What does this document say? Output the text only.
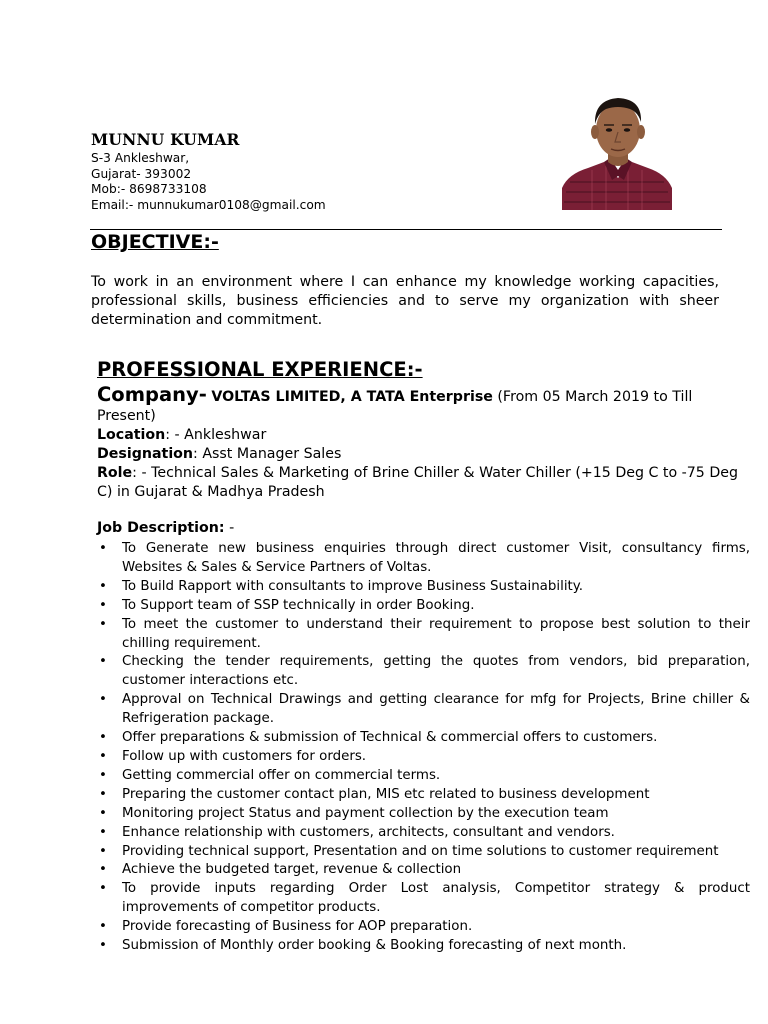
MUNNU KUMAR
S-3 Ankleshwar,
Gujarat- 393002
Mob:- 8698733108
Email:- munnukumar0108@gmail.com
OBJECTIVE:-
To work in an environment where I can enhance my knowledge working capacities, professional skills, business efficiencies and to serve my organization with sheer determination and commitment.
PROFESSIONAL EXPERIENCE:-
Company- VOLTAS LIMITED, A TATA Enterprise (From 05 March 2019 to Till Present)
Location: - Ankleshwar
Designation: Asst Manager Sales
Role: - Technical Sales & Marketing of Brine Chiller & Water Chiller (+15 Deg C to -75 Deg C) in Gujarat & Madhya Pradesh
Job Description: -
• To Generate new business enquiries through direct customer Visit, consultancy firms, Websites & Sales & Service Partners of Voltas.
• To Build Rapport with consultants to improve Business Sustainability.
• To Support team of SSP technically in order Booking.
• To meet the customer to understand their requirement to propose best solution to their chilling requirement.
• Checking the tender requirements, getting the quotes from vendors, bid preparation, customer interactions etc.
• Approval on Technical Drawings and getting clearance for mfg for Projects, Brine chiller & Refrigeration package.
• Offer preparations & submission of Technical & commercial offers to customers.
• Follow up with customers for orders.
• Getting commercial offer on commercial terms.
• Preparing the customer contact plan, MIS etc related to business development
• Monitoring project Status and payment collection by the execution team
• Enhance relationship with customers, architects, consultant and vendors.
• Providing technical support, Presentation and on time solutions to customer requirement
• Achieve the budgeted target, revenue & collection
• To provide inputs regarding Order Lost analysis, Competitor strategy & product improvements of competitor products.
• Provide forecasting of Business for AOP preparation.
• Submission of Monthly order booking & Booking forecasting of next month.
